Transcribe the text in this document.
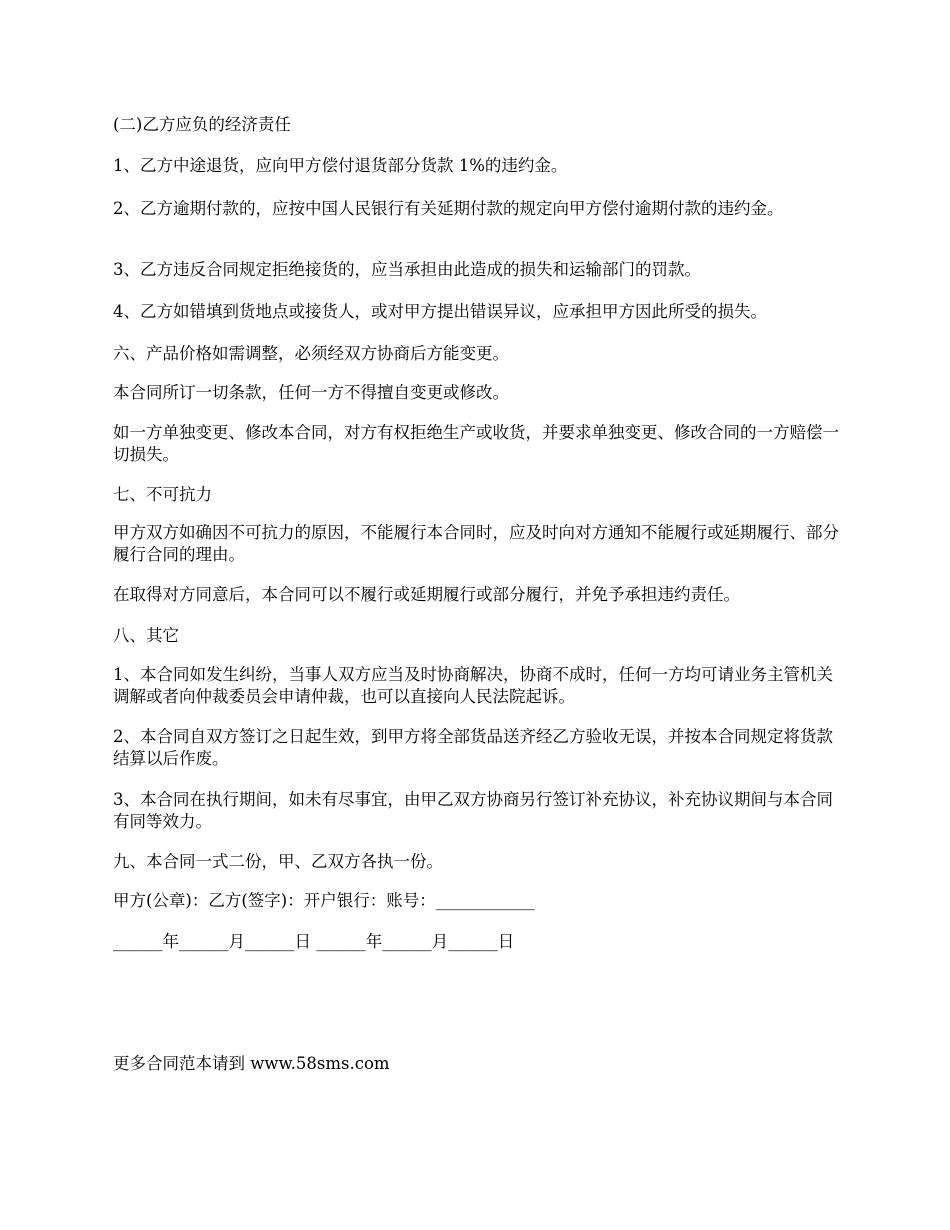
(二)乙方应负的经济责任

1、乙方中途退货，应向甲方偿付退货部分货款 1%的违约金。

2、乙方逾期付款的，应按中国人民银行有关延期付款的规定向甲方偿付逾期付款的违约金。

3、乙方违反合同规定拒绝接货的，应当承担由此造成的损失和运输部门的罚款。

4、乙方如错填到货地点或接货人，或对甲方提出错误异议，应承担甲方因此所受的损失。

六、产品价格如需调整，必须经双方协商后方能变更。

本合同所订一切条款，任何一方不得擅自变更或修改。

如一方单独变更、修改本合同，对方有权拒绝生产或收货，并要求单独变更、修改合同的一方赔偿一切损失。

七、不可抗力

甲方双方如确因不可抗力的原因，不能履行本合同时，应及时向对方通知不能履行或延期履行、部分履行合同的理由。

在取得对方同意后，本合同可以不履行或延期履行或部分履行，并免予承担违约责任。

八、其它

1、本合同如发生纠纷，当事人双方应当及时协商解决，协商不成时，任何一方均可请业务主管机关调解或者向仲裁委员会申请仲裁，也可以直接向人民法院起诉。

2、本合同自双方签订之日起生效，到甲方将全部货品送齐经乙方验收无误，并按本合同规定将货款结算以后作废。

3、本合同在执行期间，如未有尽事宜，由甲乙双方协商另行签订补充协议，补充协议期间与本合同有同等效力。

九、本合同一式二份，甲、乙双方各执一份。

甲方(公章)：乙方(签字)：开户银行：账号：____________

______年______月______日 ______年______月______日

更多合同范本请到 www.58sms.com
